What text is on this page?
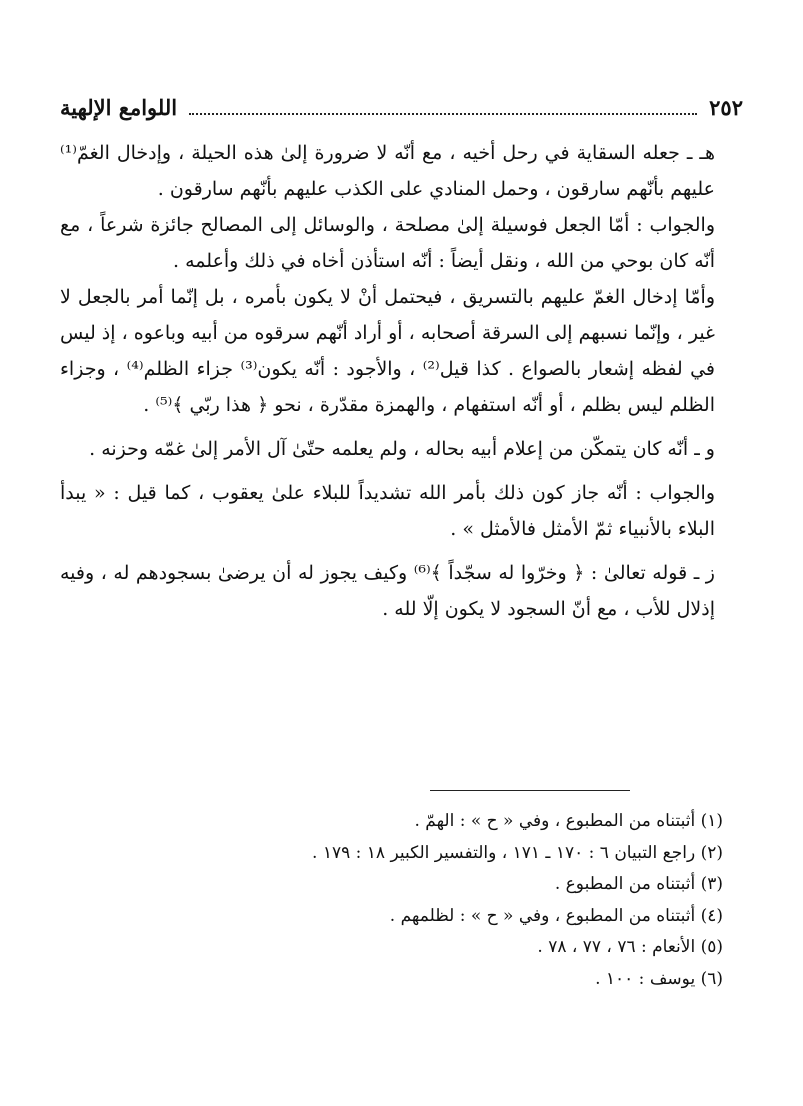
٢٥٢
اللوامع الإلهية

هـ ـ جعله السقاية في رحل أخيه ، مع أنّه لا ضرورة إلىٰ هذه الحيلة ، وإدخال الغمّ⁽¹⁾ عليهم بأنّهم سارقون ، وحمل المنادي على الكذب عليهم بأنّهم سارقون .

والجواب : أمّا الجعل فوسيلة إلىٰ مصلحة ، والوسائل إلى المصالح جائزة شرعاً ، مع أنّه كان بوحي من الله ، ونقل أيضاً : أنّه استأذن أخاه في ذلك وأعلمه .

وأمّا إدخال الغمّ عليهم بالتسريق ، فيحتمل أنْ لا يكون بأمره ، بل إنّما أمر بالجعل لا غير ، وإنّما نسبهم إلى السرقة أصحابه ، أو أراد أنّهم سرقوه من أبيه وباعوه ، إذ ليس في لفظه إشعار بالصواع . كذا قيل⁽²⁾ ، والأجود : أنّه يكون⁽³⁾ جزاء الظلم⁽⁴⁾ ، وجزاء الظلم ليس بظلم ، أو أنّه استفهام ، والهمزة مقدّرة ، نحو ﴿ هذا ربّي ﴾⁽⁵⁾ .

و ـ أنّه كان يتمكّن من إعلام أبيه بحاله ، ولم يعلمه حتّىٰ آل الأمر إلىٰ غمّه وحزنه .

والجواب : أنّه جاز كون ذلك بأمر الله تشديداً للبلاء علىٰ يعقوب ، كما قيل : « يبدأ البلاء بالأنبياء ثمّ الأمثل فالأمثل » .

ز ـ قوله تعالىٰ : ﴿ وخرّوا له سجّداً ﴾⁽⁶⁾ وكيف يجوز له أن يرضىٰ بسجودهم له ، وفيه إذلال للأب ، مع أنّ السجود لا يكون إلّا لله .

(١) أثبتناه من المطبوع ، وفي « ح » : الهمّ .

(٢) راجع التبيان ٦ : ١٧٠ ـ ١٧١ ، والتفسير الكبير ١٨ : ١٧٩ .

(٣) أثبتناه من المطبوع .

(٤) أثبتناه من المطبوع ، وفي « ح » : لظلمهم .

(٥) الأنعام : ٧٦ ، ٧٧ ، ٧٨ .

(٦) يوسف : ١٠٠ .
